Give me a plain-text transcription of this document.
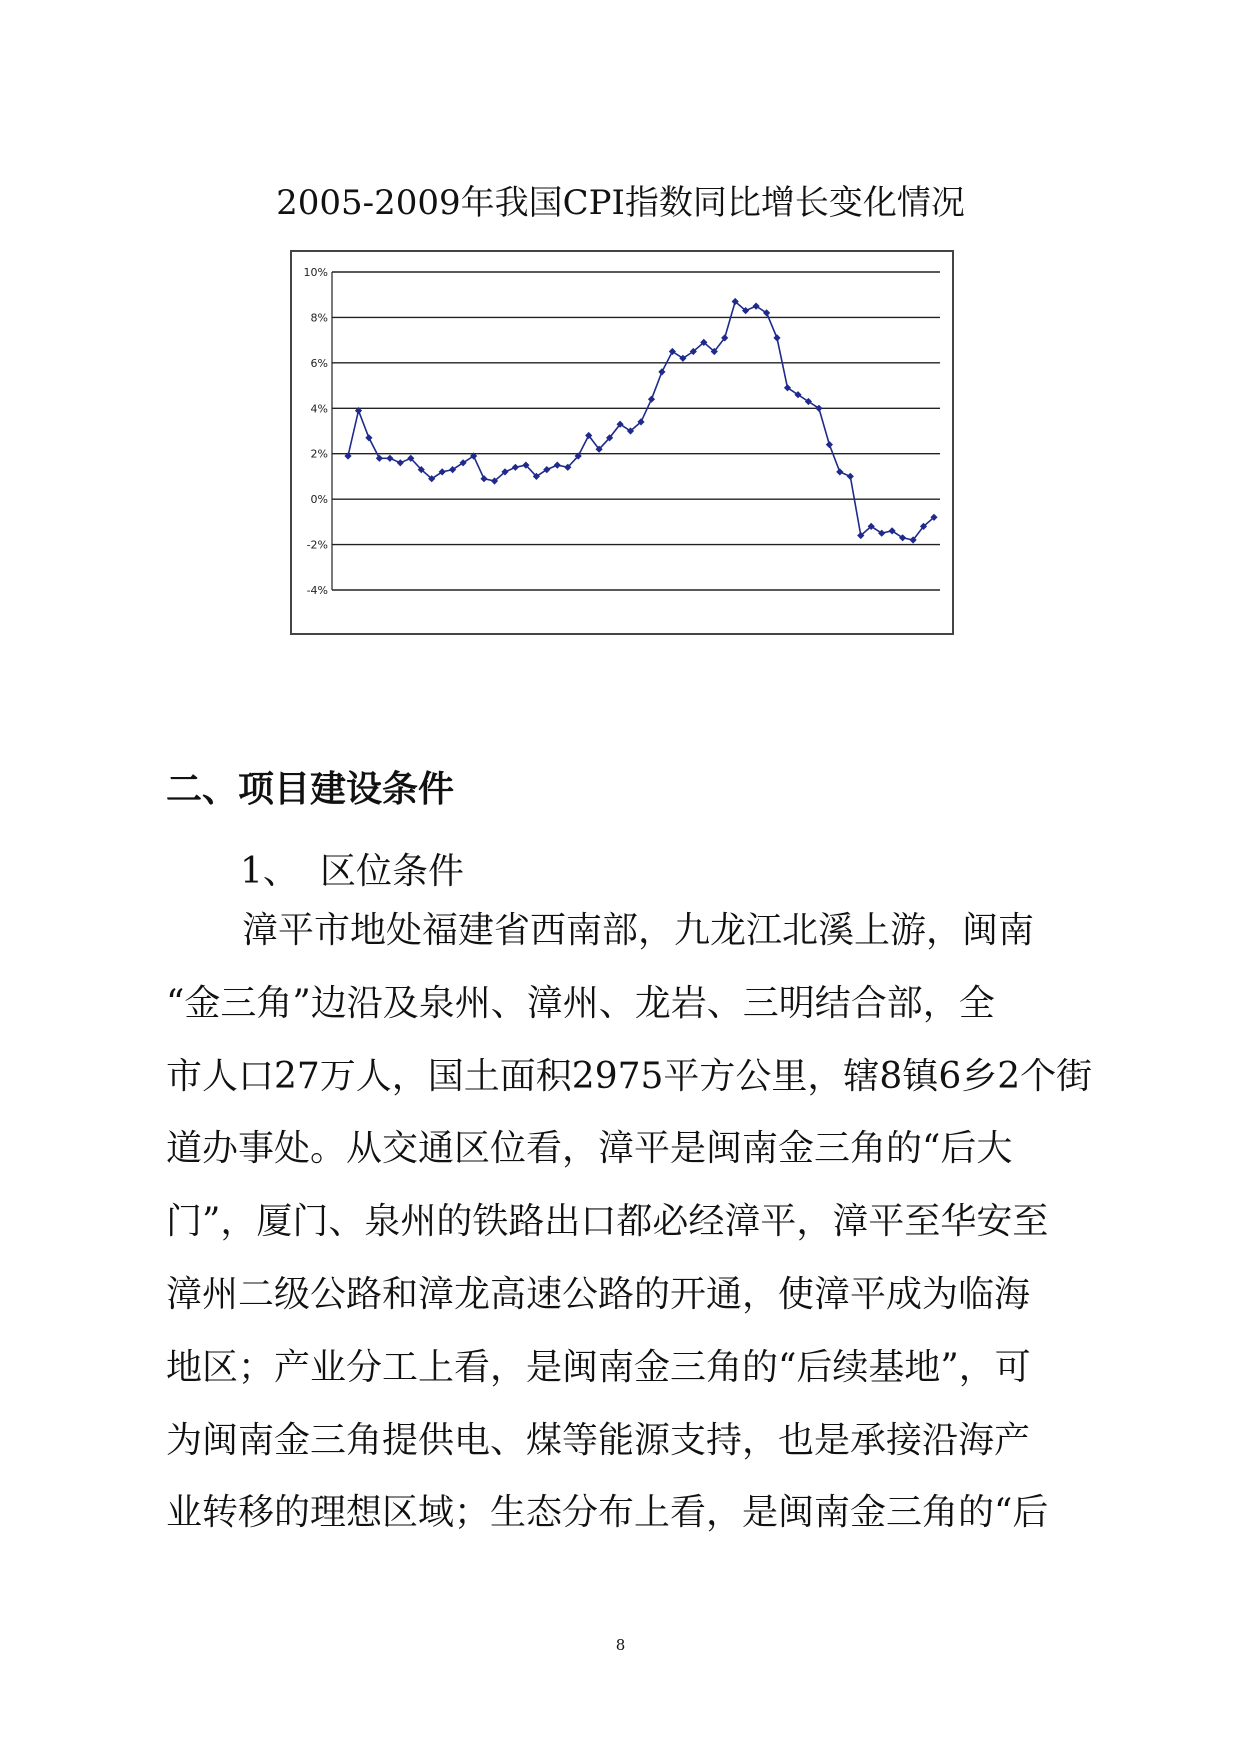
2005-2009年我国CPI指数同比增长变化情况
10%
8%
6%
4%
2%
0%
-2%
-4%
二、项目建设条件
1、 区位条件

漳平市地处福建省西南部，九龙江北溪上游，闽南
“金三角”边沿及泉州、漳州、龙岩、三明结合部，全
市人口27万人，国土面积2975平方公里，辖8镇6乡2个街
道办事处。从交通区位看，漳平是闽南金三角的“后大
门”，厦门、泉州的铁路出口都必经漳平，漳平至华安至
漳州二级公路和漳龙高速公路的开通，使漳平成为临海
地区；产业分工上看，是闽南金三角的“后续基地”，可
为闽南金三角提供电、煤等能源支持，也是承接沿海产
业转移的理想区域；生态分布上看，是闽南金三角的“后

8
